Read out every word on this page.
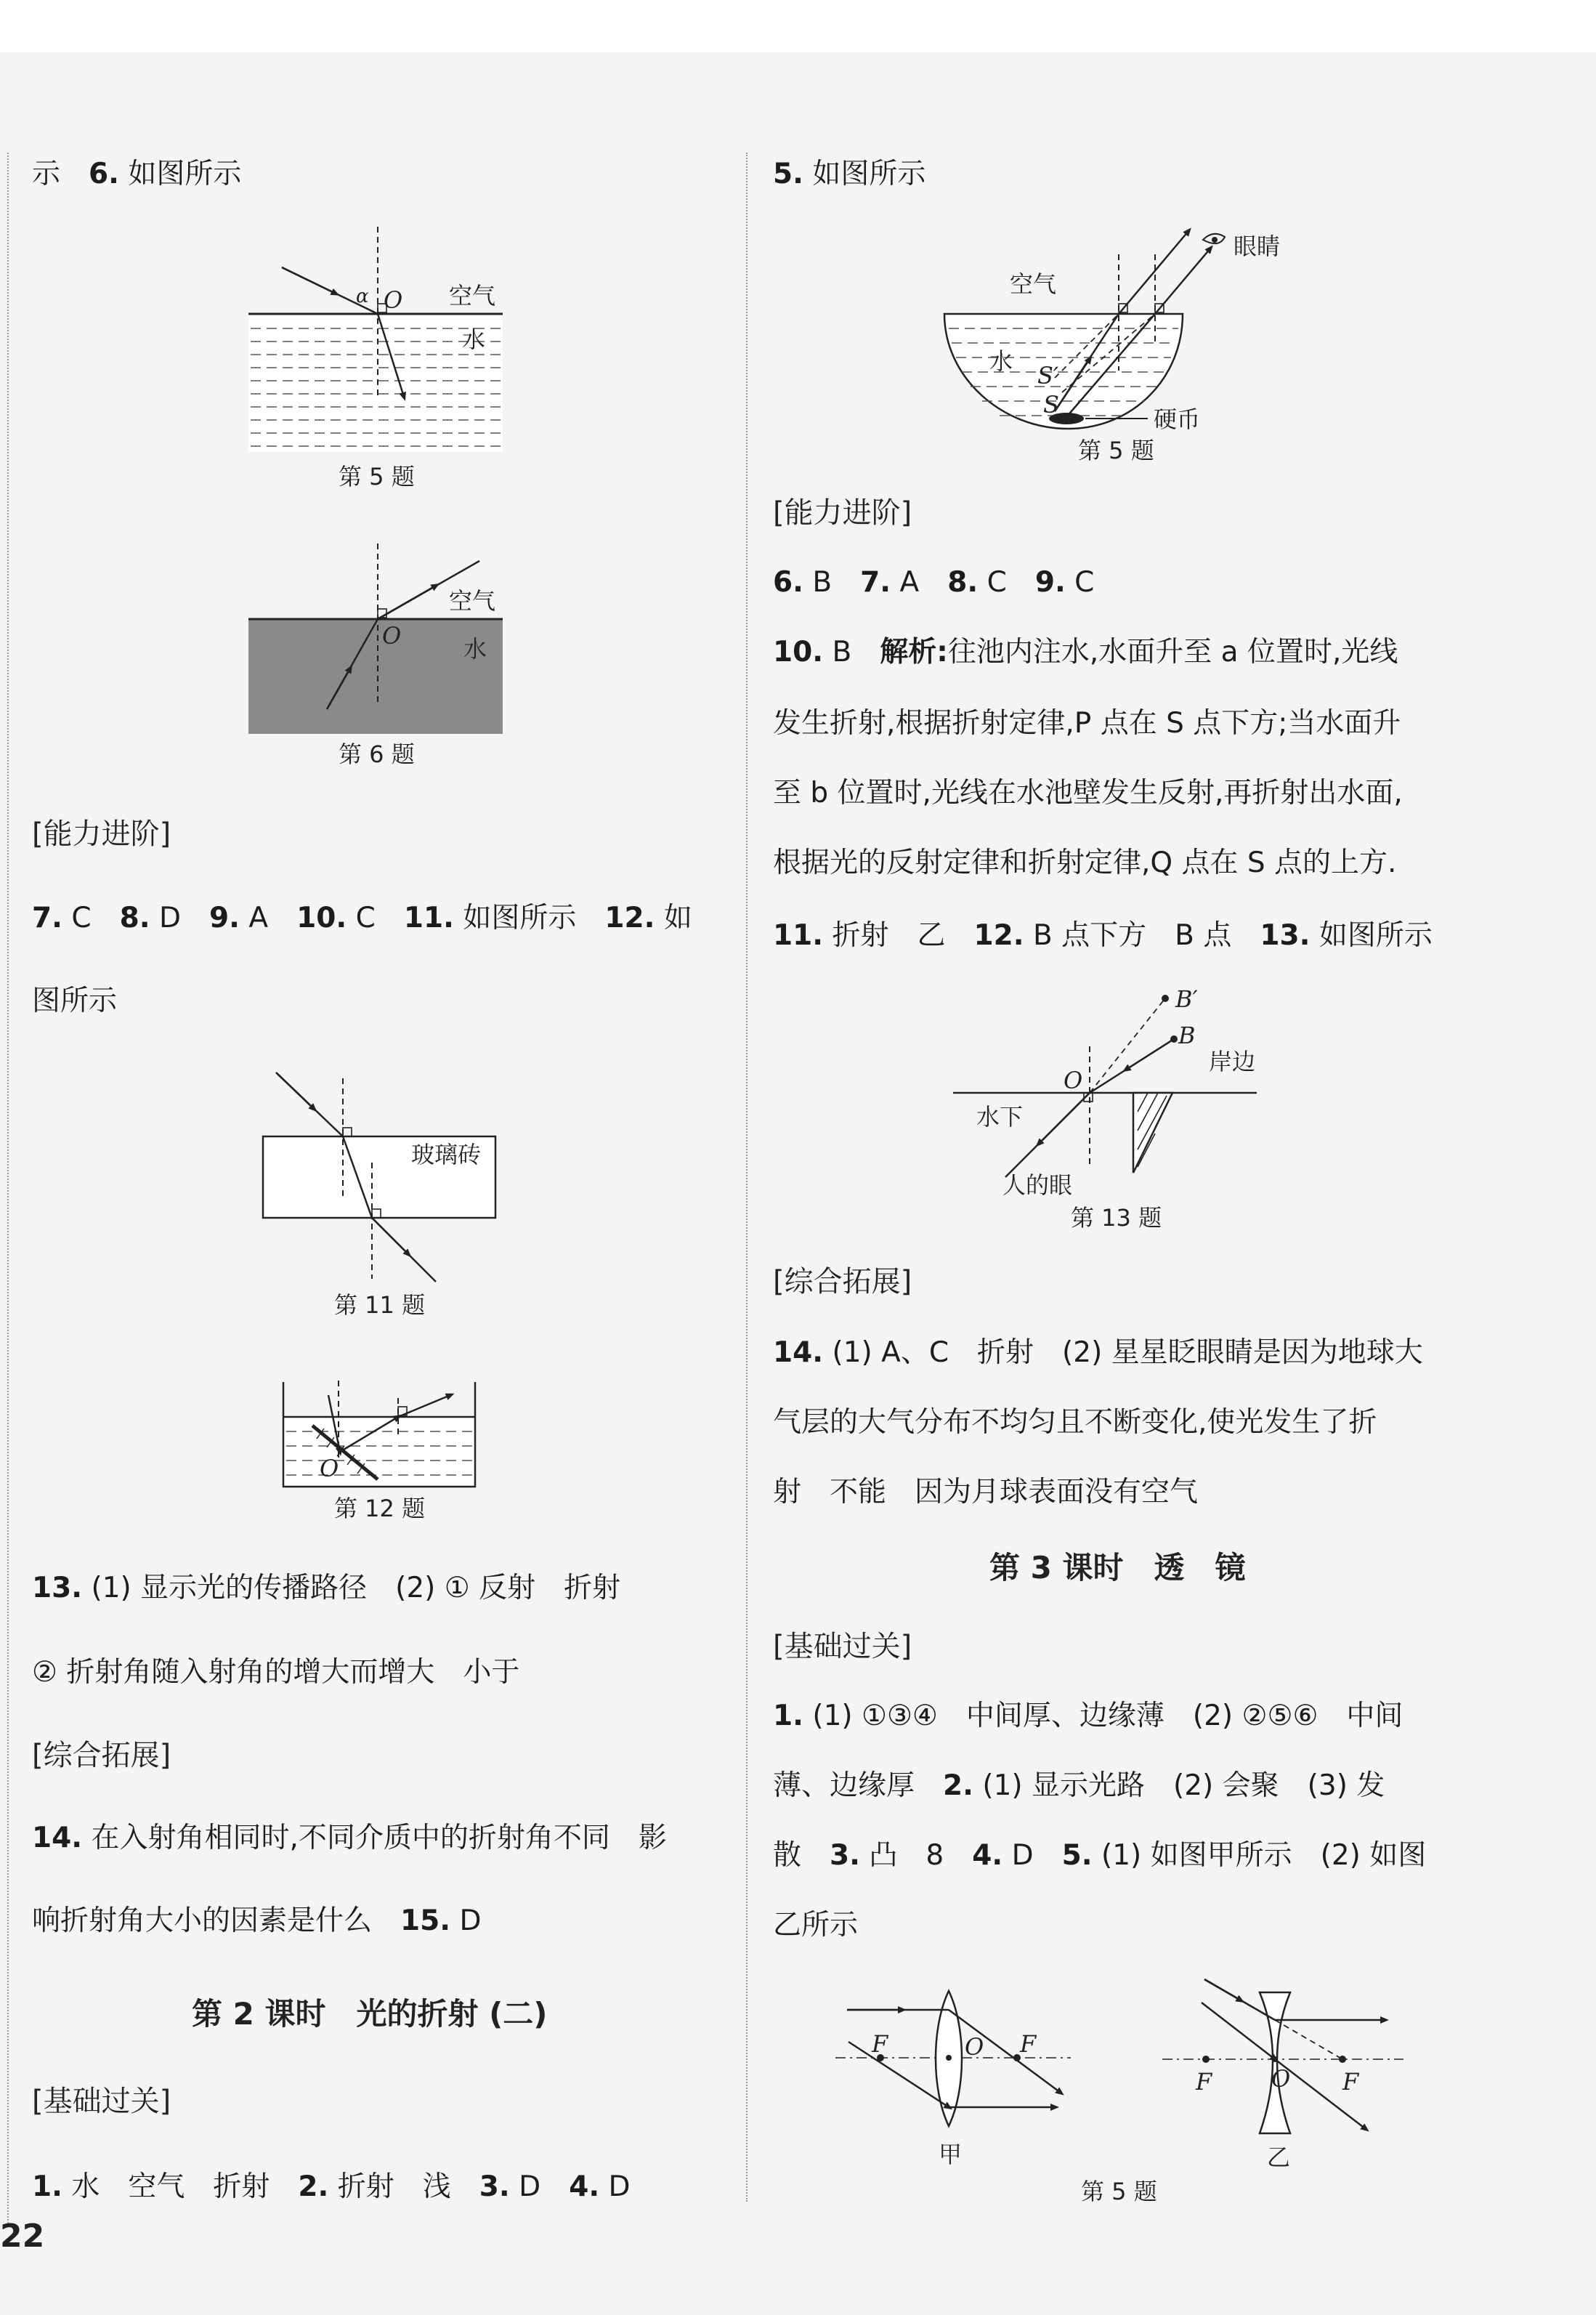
示　 6. 如图所示
O
α	空气
水
O
空气
水
玻璃砖
O
眼睛
空气
水
S′
S
硬币
B′
B
O
岸边
水下
人的眼
F	O F
甲
F	O F
乙
第 5 题
第 6 题
[能力进阶]
7. C　 8. D　 9. A　 10. C　 11. 如图所示　 12. 如
图所示
第 11 题
第 12 题
13. (1) 显示光的传播路径　(2) ① 反射　折射
② 折射角随入射角的增大而增大　小于
[综合拓展]
14. 在入射角相同时,不同介质中的折射角不同　影
响折射角大小的因素是什么　 15. D
第 2 课时　光的折射 (二)
[基础过关]
1. 水　空气　折射　 2. 折射　浅　 3. D　 4. D
5. 如图所示
第 5 题
[能力进阶]
6. B　 7. A　 8. C　 9. C
10. B　 解析:往池内注水,水面升至 a 位置时,光线
发生折射,根据折射定律,P 点在 S 点下方;当水面升
至 b 位置时,光线在水池壁发生反射,再折射出水面,
根据光的反射定律和折射定律,Q 点在 S 点的上方.
11. 折射　乙　 12. B 点下方　B 点　 13. 如图所示
第 13 题
[综合拓展]
14. (1) A、C　折射　(2) 星星眨眼睛是因为地球大
气层的大气分布不均匀且不断变化,使光发生了折
射　不能　因为月球表面没有空气
第 3 课时　透　镜
[基础过关]
1. (1) ①③④　中间厚、边缘薄　(2) ②⑤⑥　中间
薄、边缘厚　 2. (1) 显示光路　(2) 会聚　(3) 发
散　 3. 凸　8　 4. D　 5. (1) 如图甲所示　(2) 如图
乙所示
第 5 题
22
